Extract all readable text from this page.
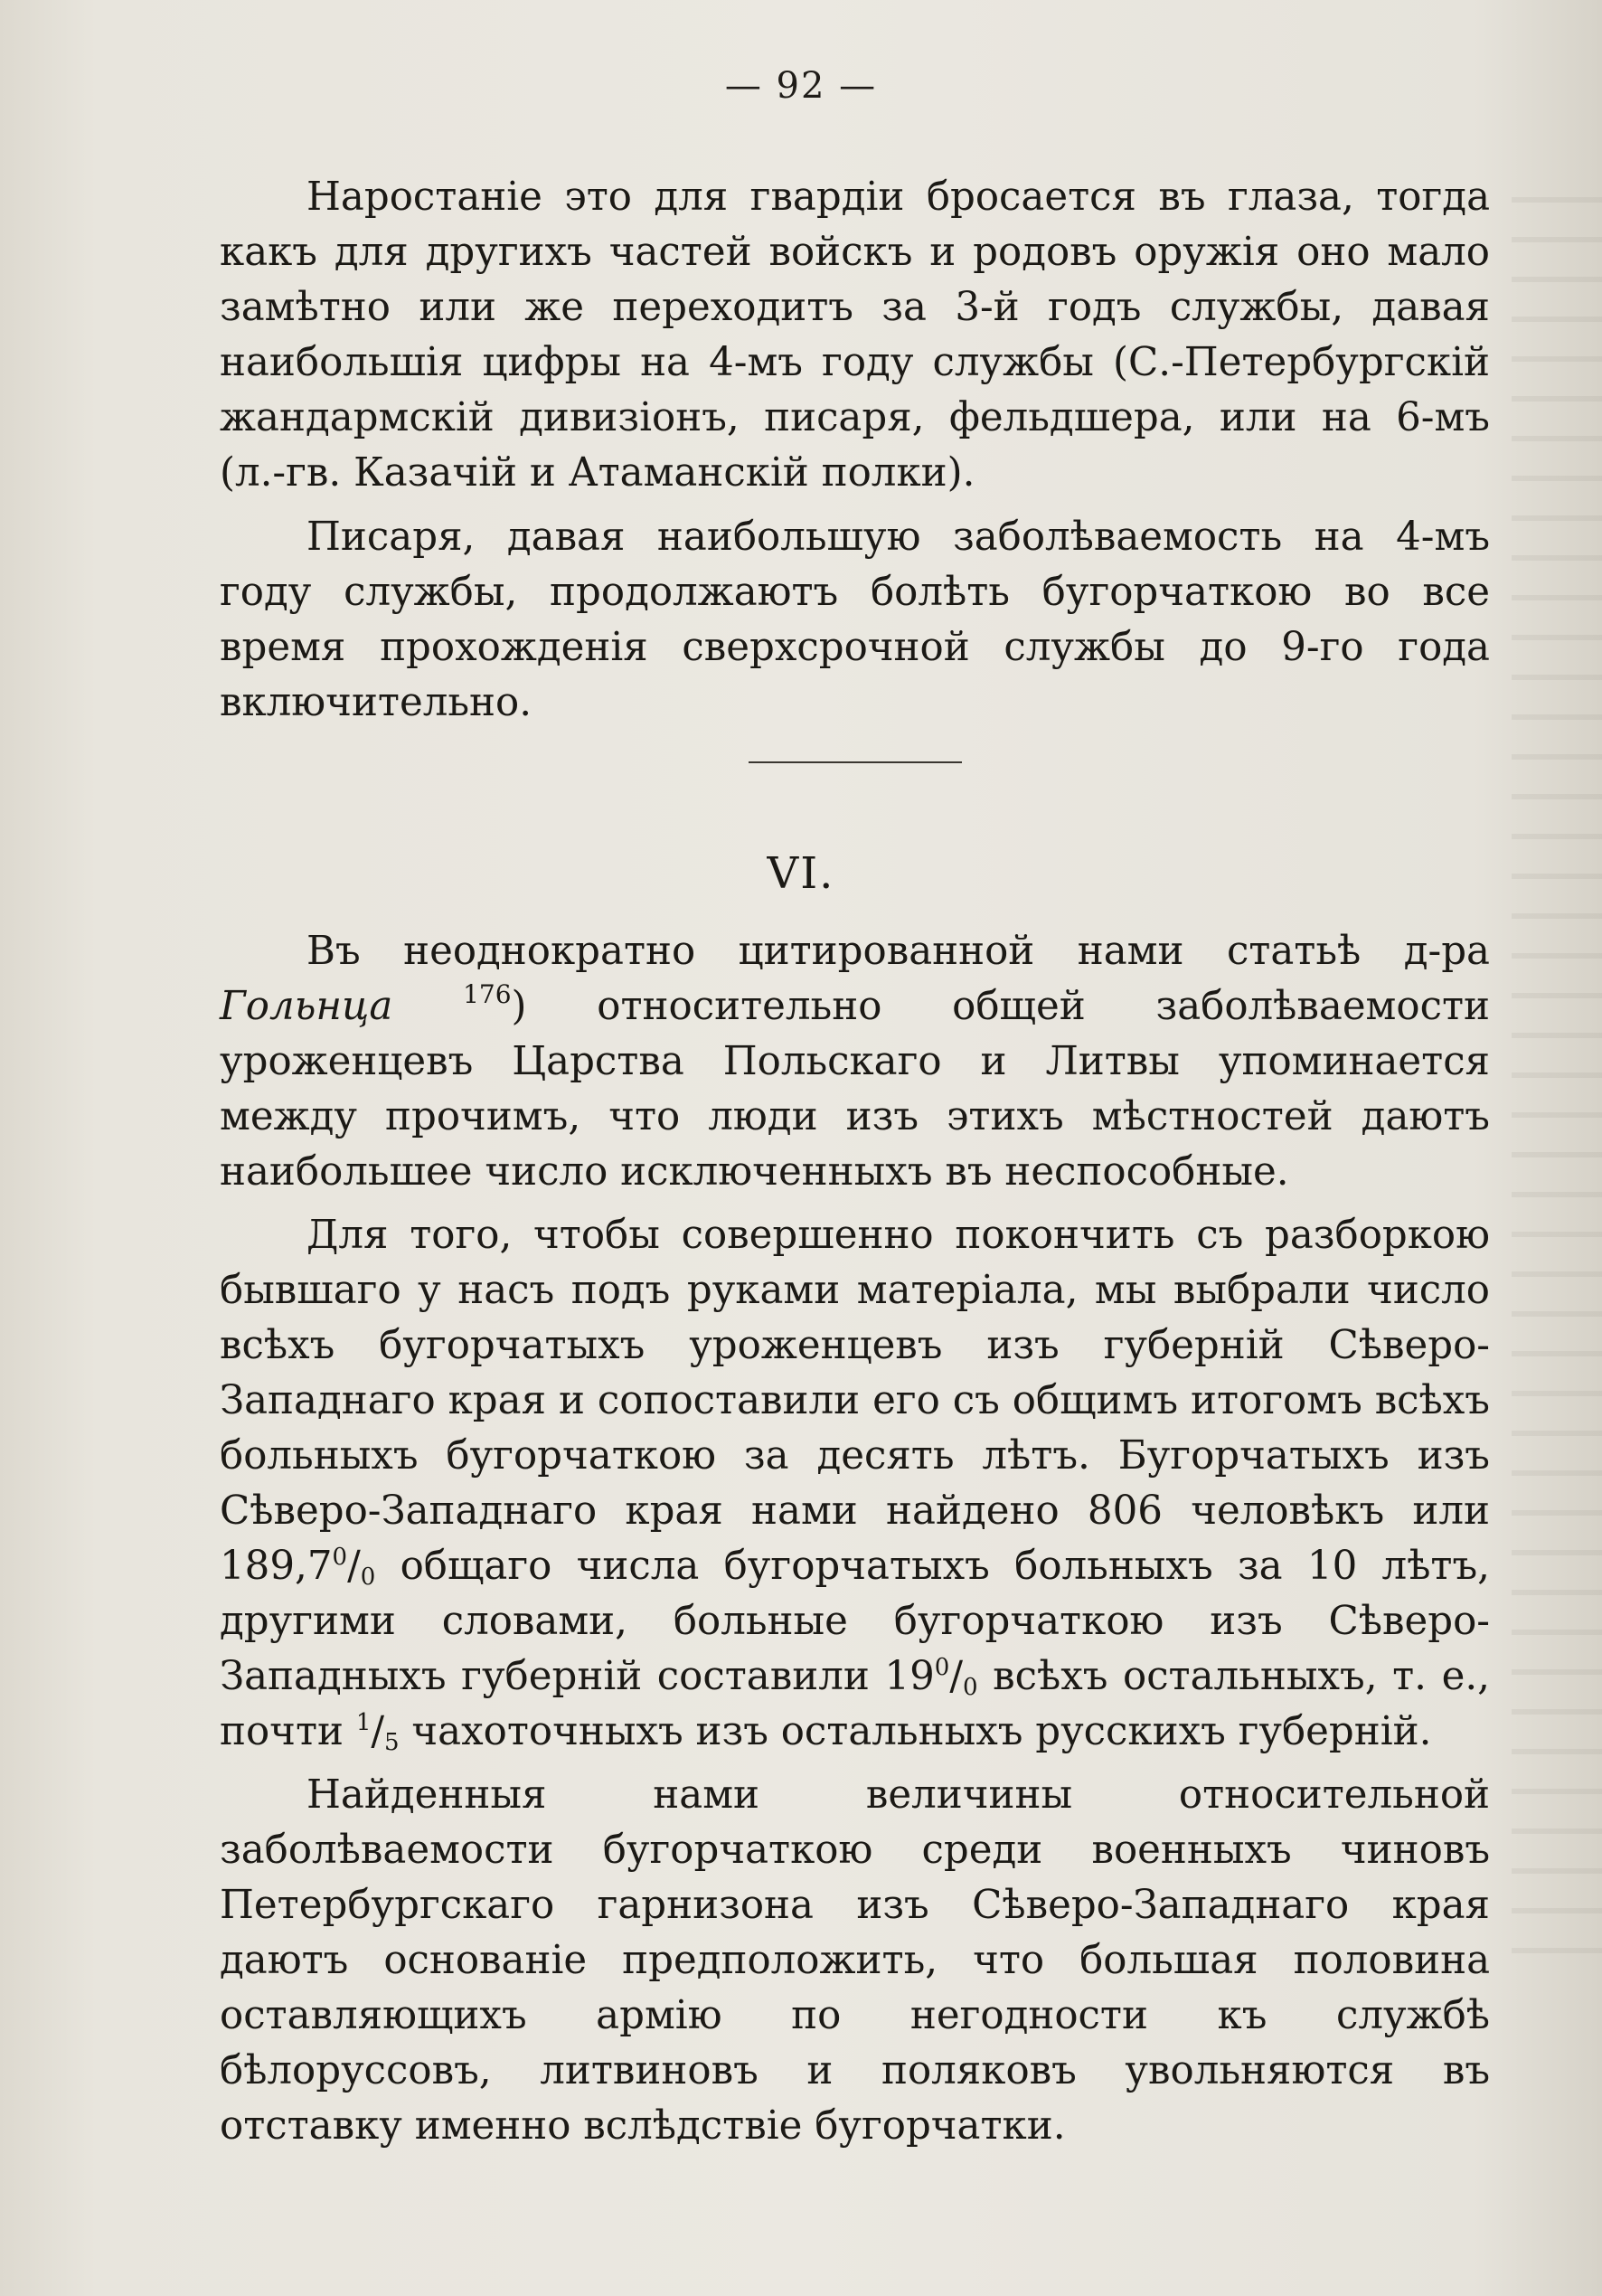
— 92 —

Наростаніе это для гвардіи бросается въ глаза, тогда какъ для другихъ частей войскъ и родовъ оружія оно мало замѣтно или же переходитъ за 3-й годъ службы, давая наибольшія цифры на 4-мъ году службы (С.-Петербургскій жандармскій дивизіонъ, писаря, фельдшера, или на 6-мъ (л.-гв. Казачій и Атаманскій полки).

Писаря, давая наибольшую заболѣваемость на 4-мъ году службы, продолжаютъ болѣть бугорчаткою во все время прохожденія сверхсрочной службы до 9-го года включительно.

VI.

Въ неоднократно цитированной нами статьѣ д-ра Гольнца	$^{176}$) относительно общей заболѣваемости уроженцевъ Царства Польскаго и Литвы упоминается между прочимъ, что люди изъ этихъ мѣстностей даютъ наибольшее число исключенныхъ въ неспособные.

Для того, чтобы совершенно покончить съ разборкою бывшаго у насъ подъ руками матеріала, мы выбрали число всѣхъ бугорчатыхъ уроженцевъ изъ губерній Сѣверо-Западнаго края и сопоставили его съ общимъ итогомъ всѣхъ больныхъ бугорчаткою за десять лѣтъ. Бугорчатыхъ изъ Сѣверо-Западнаго края нами найдено 806 человѣкъ или $189,7^0/_0$ общаго числа бугорчатыхъ больныхъ за 10 лѣтъ, другими словами, больные бугорчаткою изъ Сѣверо-Западныхъ губерній составили $19^0/_0$ всѣхъ остальныхъ, т. е., почти $^1/_5$ чахоточныхъ изъ остальныхъ русскихъ губерній.

Найденныя нами величины относительной заболѣваемости бугорчаткою среди военныхъ чиновъ Петербургскаго гарнизона изъ Сѣверо-Западнаго края даютъ основаніе предположить, что большая половина оставляющихъ армію по негодности къ службѣ бѣлоруссовъ, литвиновъ и поляковъ увольняются въ отставку именно вслѣдствіе бугорчатки.
